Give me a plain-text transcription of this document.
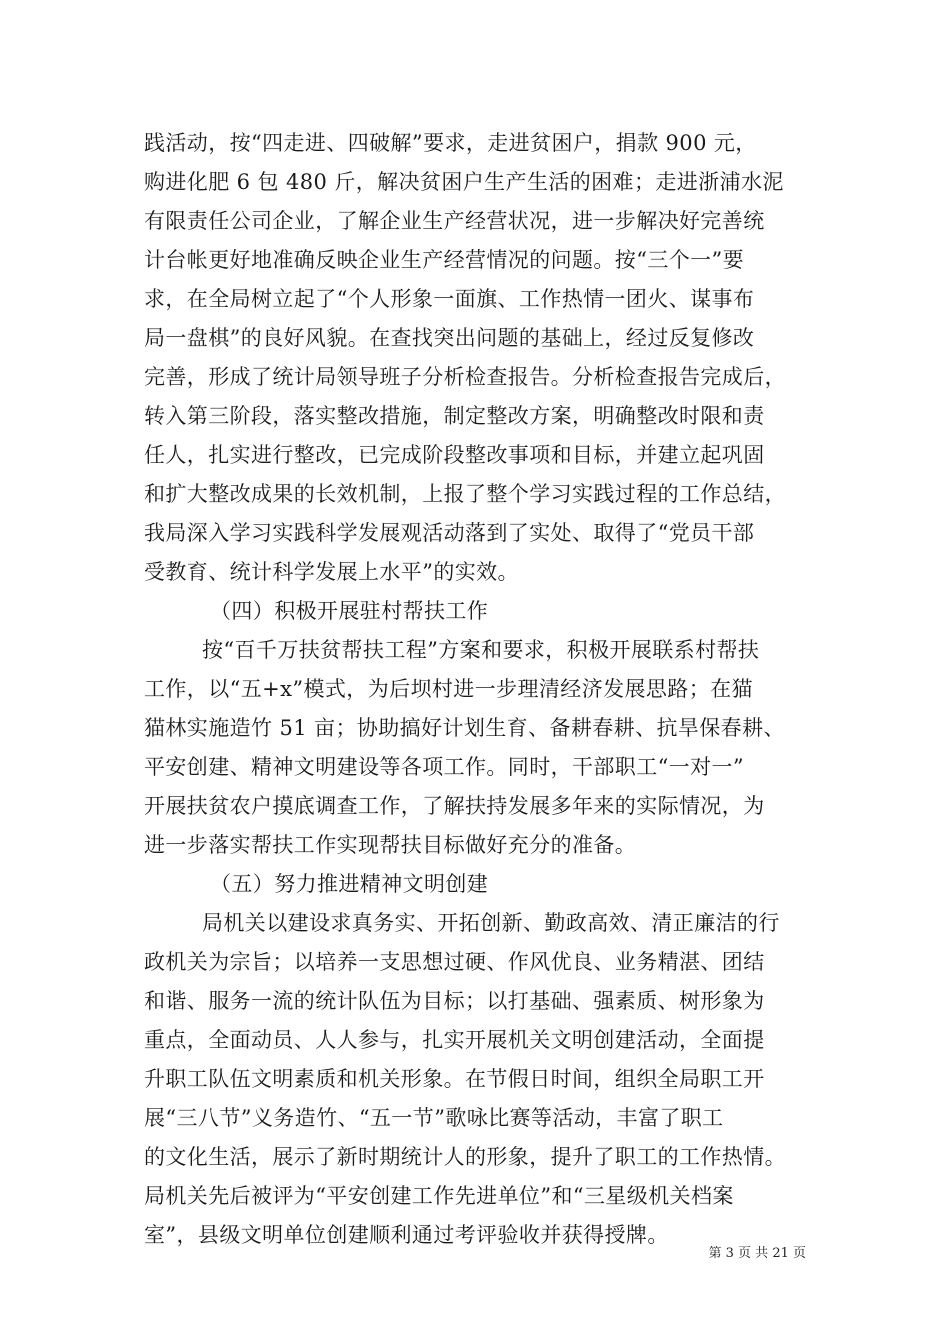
践活动，按“四走进、四破解”要求，走进贫困户，捐款 900 元，
购进化肥 6 包 480 斤，解决贫困户生产生活的困难；走进浙浦水泥
有限责任公司企业，了解企业生产经营状况，进一步解决好完善统
计台帐更好地准确反映企业生产经营情况的问题。按“三个一”要
求，在全局树立起了“个人形象一面旗、工作热情一团火、谋事布
局一盘棋”的良好风貌。在查找突出问题的基础上，经过反复修改
完善，形成了统计局领导班子分析检查报告。分析检查报告完成后，
转入第三阶段，落实整改措施，制定整改方案，明确整改时限和责
任人，扎实进行整改，已完成阶段整改事项和目标，并建立起巩固
和扩大整改成果的长效机制，上报了整个学习实践过程的工作总结，
我局深入学习实践科学发展观活动落到了实处、取得了“党员干部
受教育、统计科学发展上水平”的实效。
（四）积极开展驻村帮扶工作
按“百千万扶贫帮扶工程”方案和要求，积极开展联系村帮扶
工作，以“五+x”模式，为后坝村进一步理清经济发展思路；在猫
猫林实施造竹 51 亩；协助搞好计划生育、备耕春耕、抗旱保春耕、
平安创建、精神文明建设等各项工作。同时，干部职工“一对一”
开展扶贫农户摸底调查工作，了解扶持发展多年来的实际情况，为
进一步落实帮扶工作实现帮扶目标做好充分的准备。
（五）努力推进精神文明创建
局机关以建设求真务实、开拓创新、勤政高效、清正廉洁的行
政机关为宗旨；以培养一支思想过硬、作风优良、业务精湛、团结
和谐、服务一流的统计队伍为目标；以打基础、强素质、树形象为
重点，全面动员、人人参与，扎实开展机关文明创建活动，全面提
升职工队伍文明素质和机关形象。在节假日时间，组织全局职工开
展“三八节”义务造竹、“五一节”歌咏比赛等活动，丰富了职工
的文化生活，展示了新时期统计人的形象，提升了职工的工作热情。
局机关先后被评为“平安创建工作先进单位”和“三星级机关档案
室”，县级文明单位创建顺利通过考评验收并获得授牌。
第 3 页 共 21 页
